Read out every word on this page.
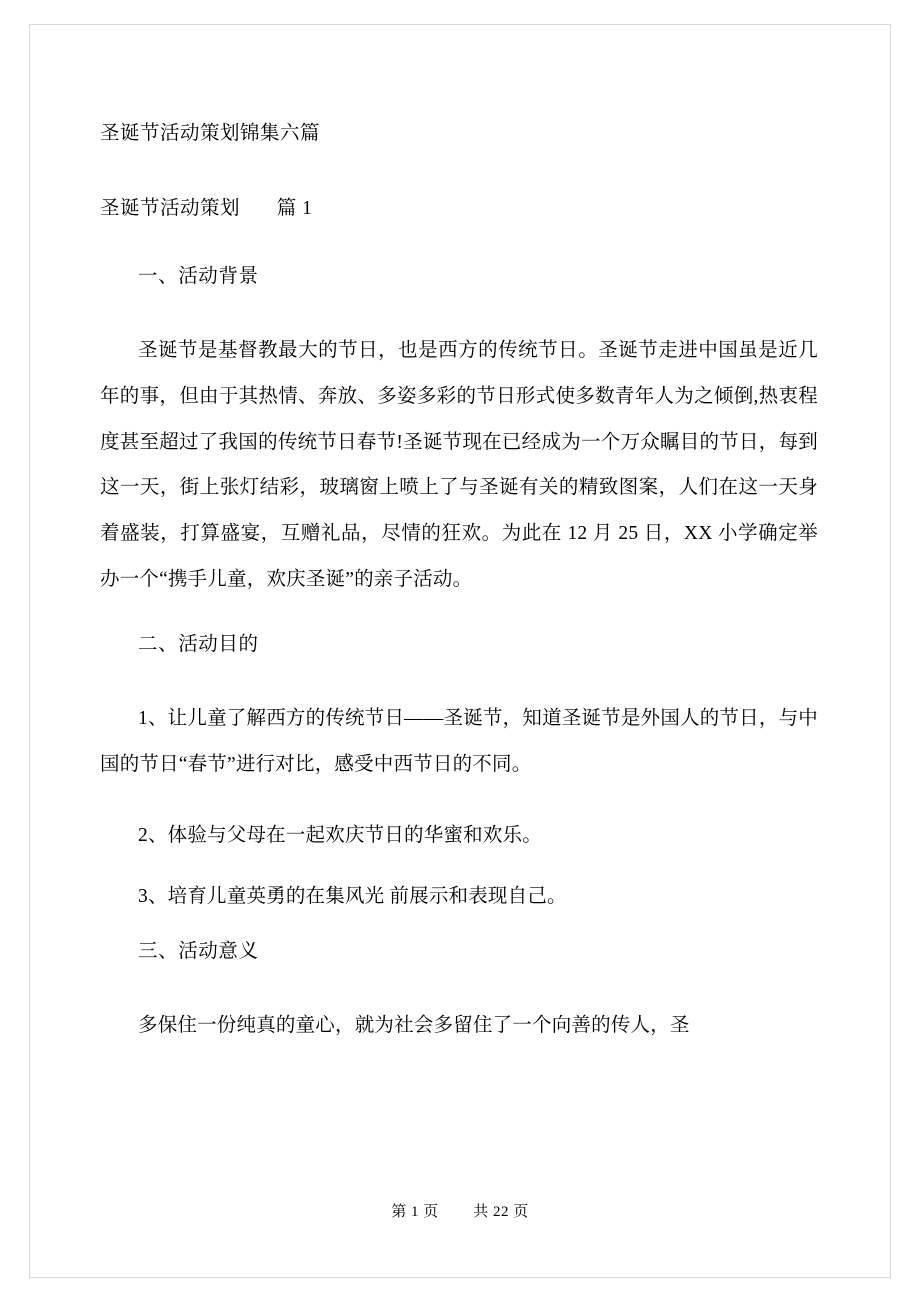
圣诞节活动策划锦集六篇

圣诞节活动策划 篇 1

一、活动背景

圣诞节是基督教最大的节日，也是西方的传统节日。圣诞节走进中国虽是近几年的事，但由于其热情、奔放、多姿多彩的节日形式使多数青年人为之倾倒,热衷程度甚至超过了我国的传统节日春节!圣诞节现在已经成为一个万众瞩目的节日，每到这一天，街上张灯结彩，玻璃窗上喷上了与圣诞有关的精致图案，人们在这一天身着盛装，打算盛宴，互赠礼品，尽情的狂欢。为此在 12 月 25 日，XX 小学确定举办一个“携手儿童，欢庆圣诞”的亲子活动。

二、活动目的

1、让儿童了解西方的传统节日——圣诞节，知道圣诞节是外国人的节日，与中国的节日“春节”进行对比，感受中西节日的不同。

2、体验与父母在一起欢庆节日的华蜜和欢乐。

3、培育儿童英勇的在集风光 前展示和表现自己。

三、活动意义

多保住一份纯真的童心，就为社会多留住了一个向善的传人，圣

第 1 页 共 22 页
